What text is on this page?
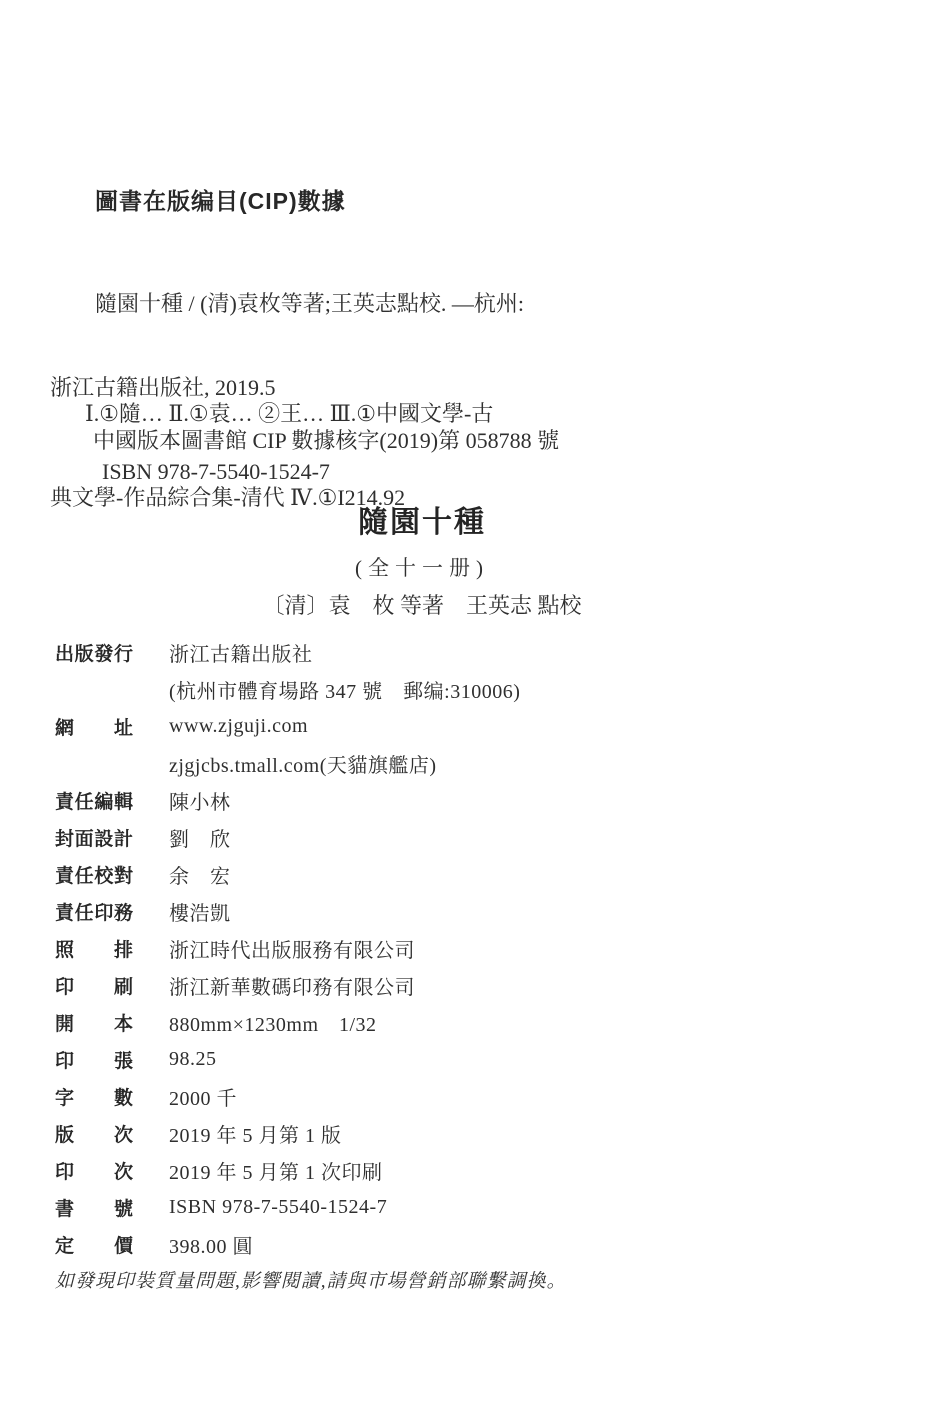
圖書在版编目(CIP)數據

隨園十種 / (清)袁枚等著;王英志點校. —杭州:

浙江古籍出版社, 2019.5

ISBN 978-7-5540-1524-7

Ⅰ.①隨… Ⅱ.①袁… ②王… Ⅲ.①中國文學-古

典文學-作品綜合集-清代 Ⅳ.①I214.92

中國版本圖書館 CIP 數據核字(2019)第 058788 號
隨園十種
(全十一册)
〔清〕袁　枚 等著　王英志 點校
出版發行 浙江古籍出版社
(杭州市體育場路 347 號　郵编:310006)
網址 www.zjguji.com
zjgjcbs.tmall.com(天貓旗艦店)
責任編輯 陳小林
封面設計 劉　欣
責任校對 余　宏
責任印務 樓浩凱
照排 浙江時代出版服務有限公司
印刷 浙江新華數碼印務有限公司
開本 880mm×1230mm　1/32
印張 98.25
字數 2000 千
版次 2019 年 5 月第 1 版
印次 2019 年 5 月第 1 次印刷
書號 ISBN 978-7-5540-1524-7
定價 398.00 圓
如發現印裝質量問題,影響閱讀,請與市場營銷部聯繫調換。
